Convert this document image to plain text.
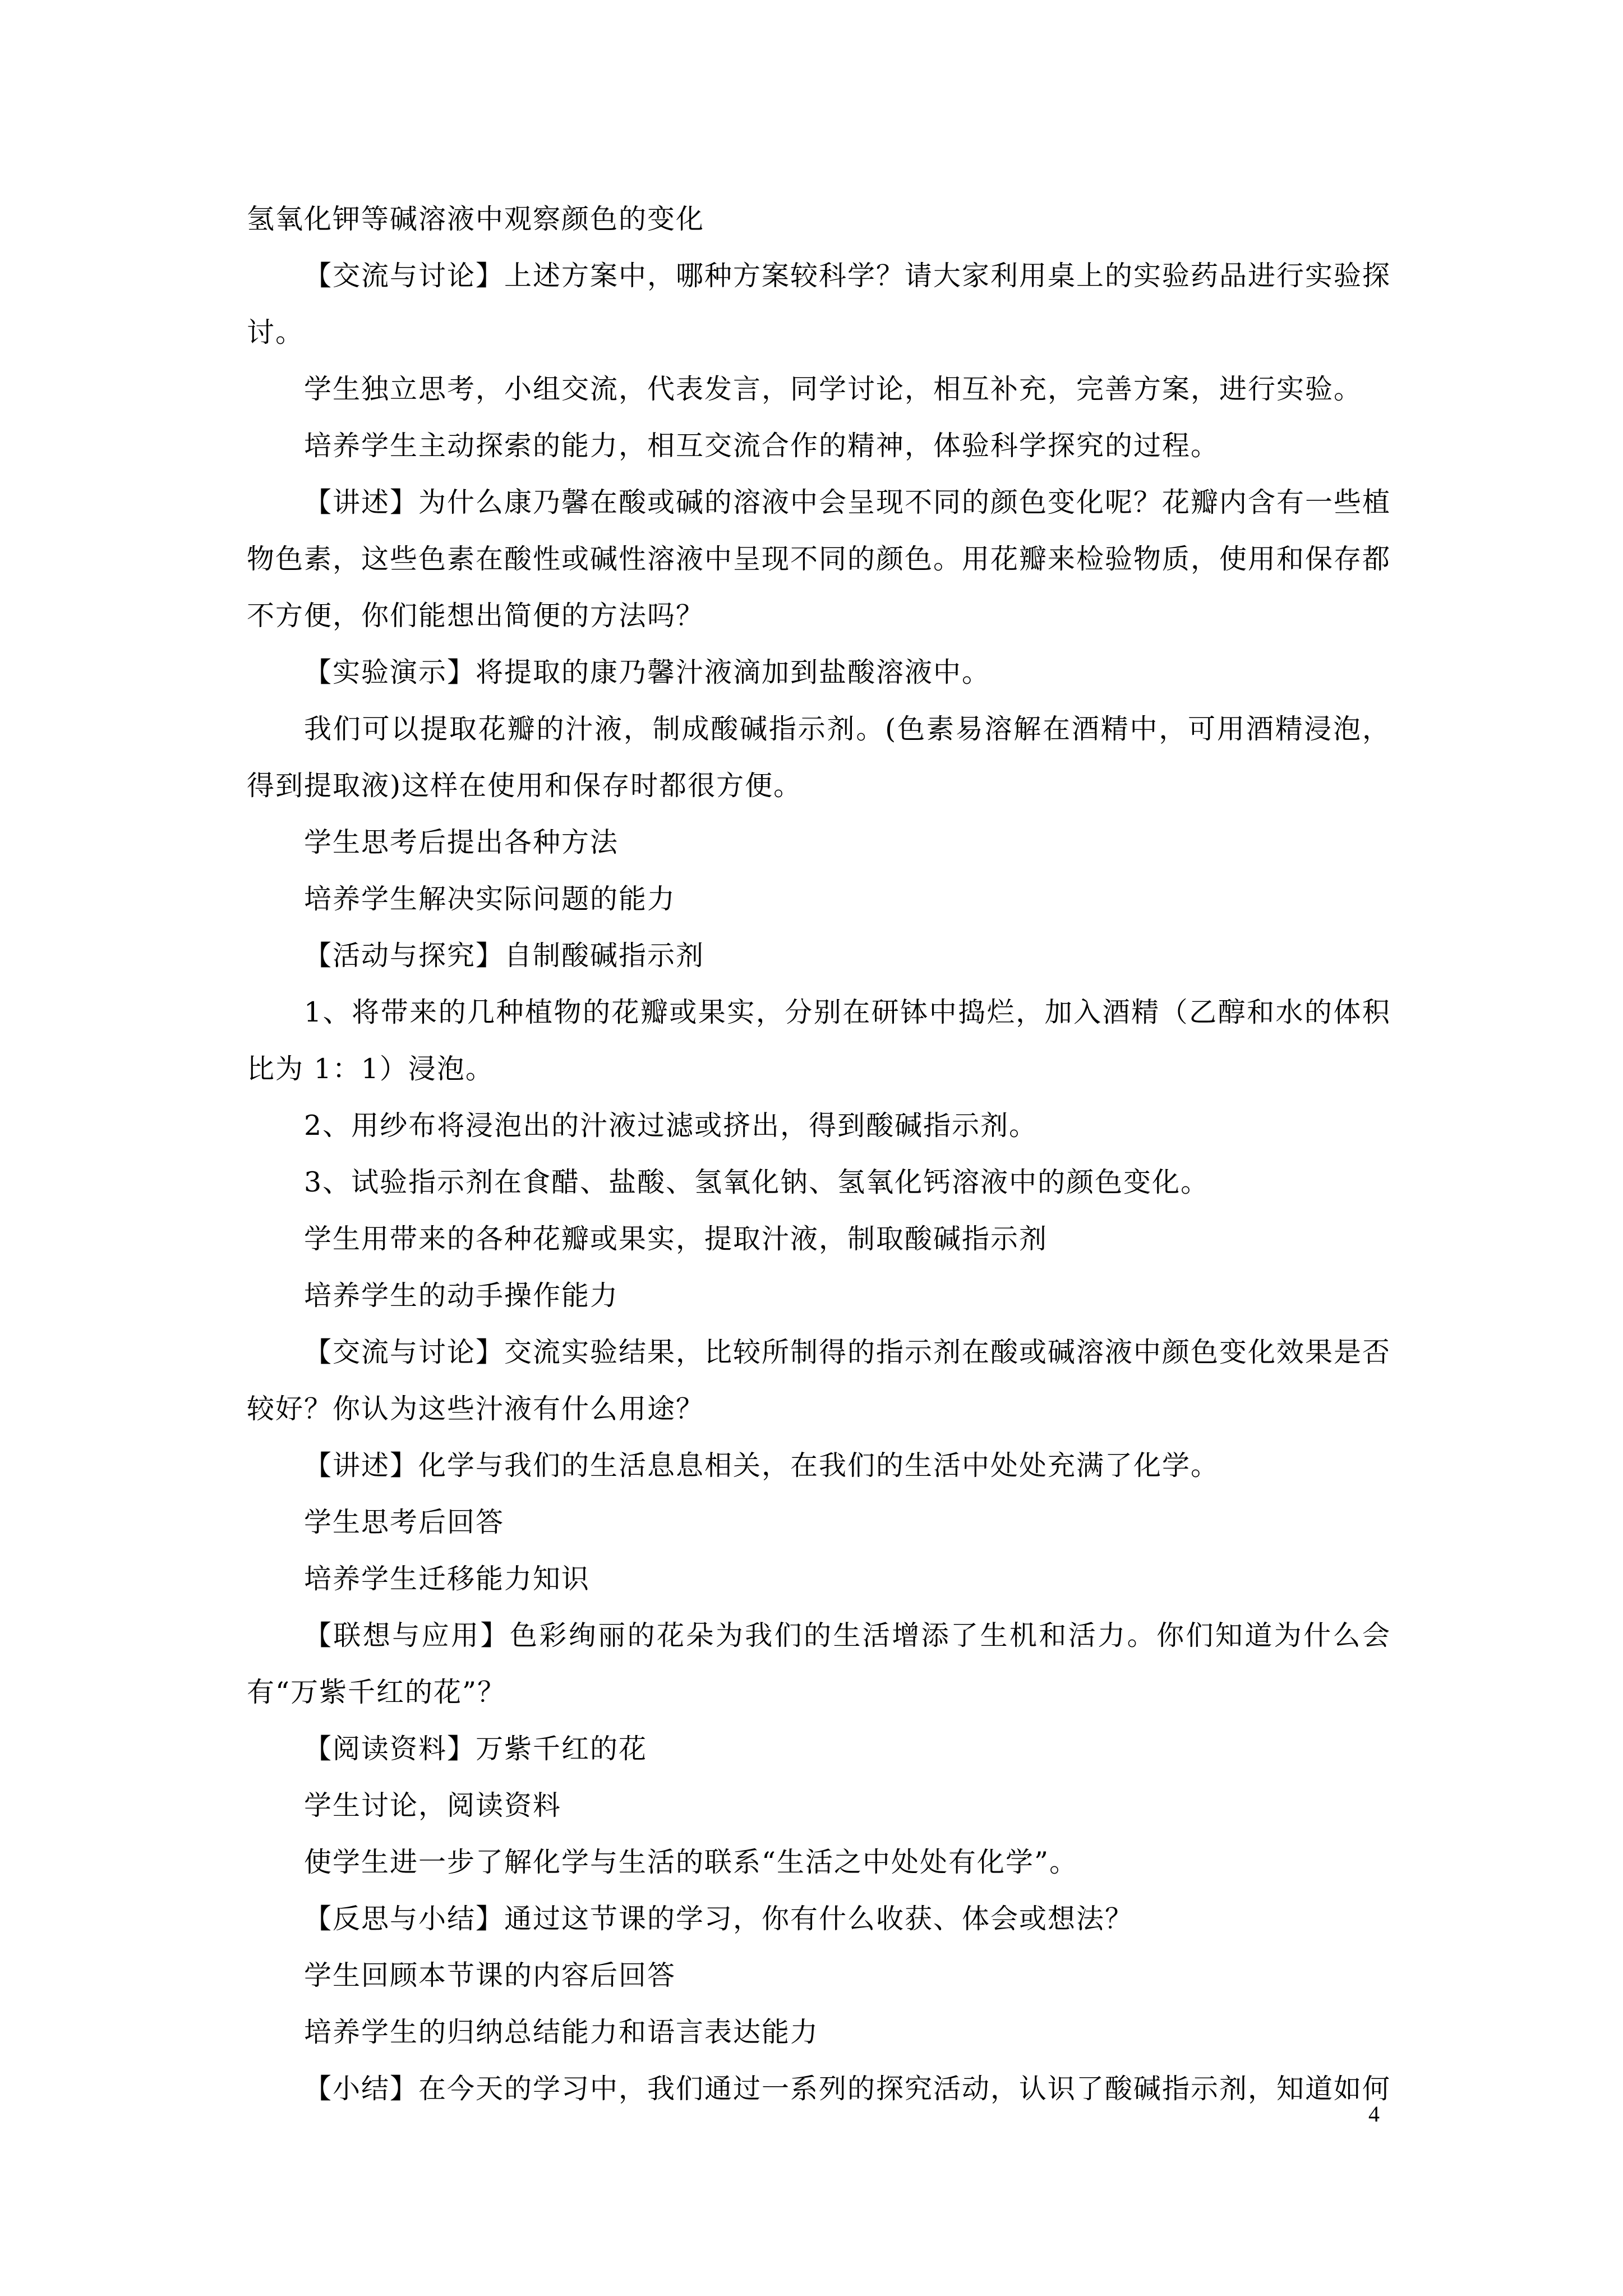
氢氧化钾等碱溶液中观察颜色的变化

【交流与讨论】上述方案中，哪种方案较科学？请大家利用桌上的实验药品进行实验探讨。

学生独立思考，小组交流，代表发言，同学讨论，相互补充，完善方案，进行实验。

培养学生主动探索的能力，相互交流合作的精神，体验科学探究的过程。

【讲述】为什么康乃馨在酸或碱的溶液中会呈现不同的颜色变化呢？花瓣内含有一些植物色素，这些色素在酸性或碱性溶液中呈现不同的颜色。用花瓣来检验物质，使用和保存都不方便，你们能想出简便的方法吗？

【实验演示】将提取的康乃馨汁液滴加到盐酸溶液中。

我们可以提取花瓣的汁液，制成酸碱指示剂。(色素易溶解在酒精中，可用酒精浸泡，得到提取液)这样在使用和保存时都很方便。

学生思考后提出各种方法

培养学生解决实际问题的能力

【活动与探究】自制酸碱指示剂

1、将带来的几种植物的花瓣或果实，分别在研钵中捣烂，加入酒精（乙醇和水的体积比为 1：1）浸泡。

2、用纱布将浸泡出的汁液过滤或挤出，得到酸碱指示剂。

3、试验指示剂在食醋、盐酸、氢氧化钠、氢氧化钙溶液中的颜色变化。

学生用带来的各种花瓣或果实，提取汁液，制取酸碱指示剂

培养学生的动手操作能力

【交流与讨论】交流实验结果，比较所制得的指示剂在酸或碱溶液中颜色变化效果是否较好？你认为这些汁液有什么用途？

【讲述】化学与我们的生活息息相关，在我们的生活中处处充满了化学。

学生思考后回答

培养学生迁移能力知识

【联想与应用】色彩绚丽的花朵为我们的生活增添了生机和活力。你们知道为什么会有“万紫千红的花”？

【阅读资料】万紫千红的花

学生讨论，阅读资料

使学生进一步了解化学与生活的联系“生活之中处处有化学”。

【反思与小结】通过这节课的学习，你有什么收获、体会或想法？

学生回顾本节课的内容后回答

培养学生的归纳总结能力和语言表达能力

【小结】在今天的学习中，我们通过一系列的探究活动，认识了酸碱指示剂，知道如何

4
